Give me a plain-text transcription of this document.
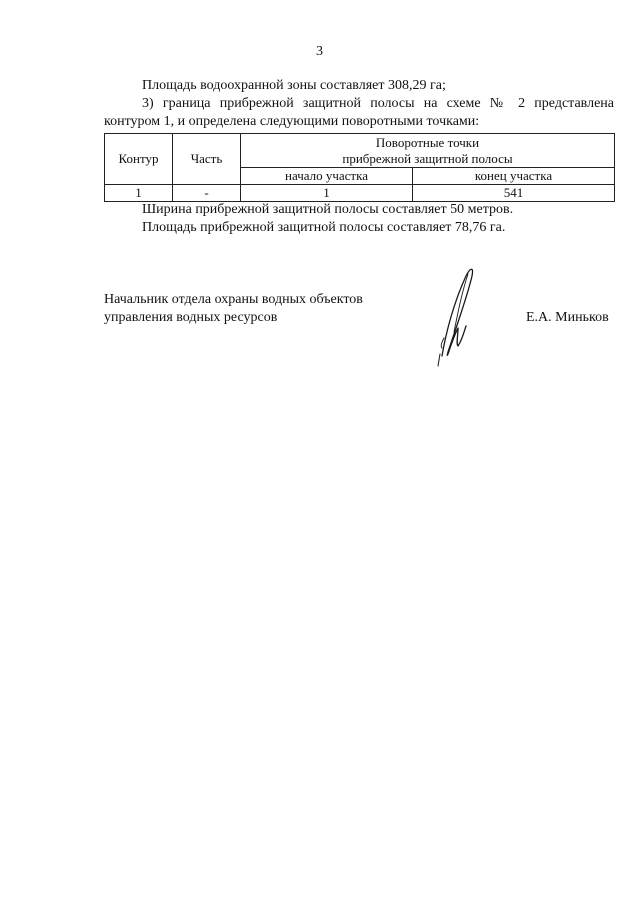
3

Площадь водоохранной зоны составляет 308,29 га;

3) граница прибрежной защитной полосы на схеме № 2 представлена контуром 1, и определена следующими поворотными точками:

Контур	Часть	Поворотные точки	
		прибрежной защитной полосы	
		начало участка	конец участка
1	-	1	541

Ширина прибрежной защитной полосы составляет 50 метров.

Площадь прибрежной защитной полосы составляет 78,76 га.

Начальник отдела охраны водных объектов
управления водных ресурсов	Е.А. Миньков
